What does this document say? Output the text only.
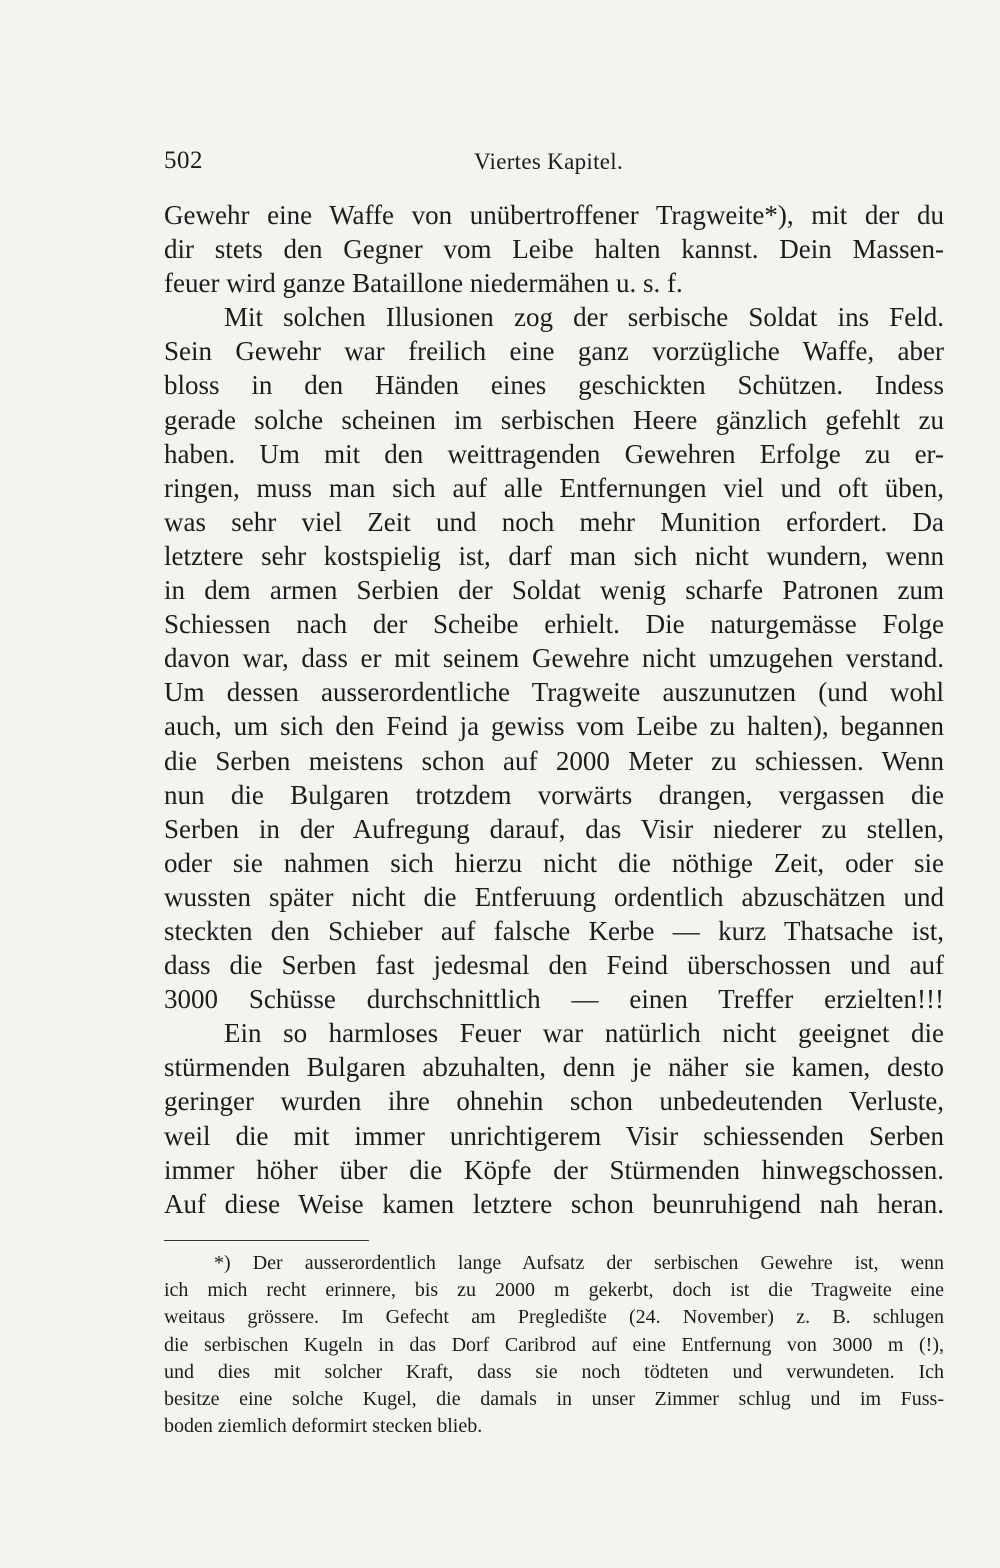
502	Viertes Kapitel.
Gewehr eine Waffe von unübertroffener Tragweite*), mit der du
dir stets den Gegner vom Leibe halten kannst. Dein Massen-
feuer wird ganze Bataillone niedermähen u. s. f.
Mit solchen Illusionen zog der serbische Soldat ins Feld.
Sein Gewehr war freilich eine ganz vorzügliche Waffe, aber
bloss in den Händen eines geschickten Schützen. Indess
gerade solche scheinen im serbischen Heere gänzlich gefehlt zu
haben. Um mit den weittragenden Gewehren Erfolge zu er-
ringen, muss man sich auf alle Entfernungen viel und oft üben,
was sehr viel Zeit und noch mehr Munition erfordert. Da
letztere sehr kostspielig ist, darf man sich nicht wundern, wenn
in dem armen Serbien der Soldat wenig scharfe Patronen zum
Schiessen nach der Scheibe erhielt. Die naturgemässe Folge
davon war, dass er mit seinem Gewehre nicht umzugehen verstand.
Um dessen ausserordentliche Tragweite auszunutzen (und wohl
auch, um sich den Feind ja gewiss vom Leibe zu halten), begannen
die Serben meistens schon auf 2000 Meter zu schiessen. Wenn
nun die Bulgaren trotzdem vorwärts drangen, vergassen die
Serben in der Aufregung darauf, das Visir niederer zu stellen,
oder sie nahmen sich hierzu nicht die nöthige Zeit, oder sie
wussten später nicht die Entferuung ordentlich abzuschätzen und
steckten den Schieber auf falsche Kerbe — kurz Thatsache ist,
dass die Serben fast jedesmal den Feind überschossen und auf
3000 Schüsse durchschnittlich — einen Treffer erzielten!!!
Ein so harmloses Feuer war natürlich nicht geeignet die
stürmenden Bulgaren abzuhalten, denn je näher sie kamen, desto
geringer wurden ihre ohnehin schon unbedeutenden Verluste,
weil die mit immer unrichtigerem Visir schiessenden Serben
immer höher über die Köpfe der Stürmenden hinwegschossen.
Auf diese Weise kamen letztere schon beunruhigend nah heran.
*) Der ausserordentlich lange Aufsatz der serbischen Gewehre ist, wenn
ich mich recht erinnere, bis zu 2000 m gekerbt, doch ist die Tragweite eine
weitaus grössere. Im Gefecht am Pregledište (24. November) z. B. schlugen
die serbischen Kugeln in das Dorf Caribrod auf eine Entfernung von 3000 m (!),
und dies mit solcher Kraft, dass sie noch tödteten und verwundeten. Ich
besitze eine solche Kugel, die damals in unser Zimmer schlug und im Fuss-
boden ziemlich deformirt stecken blieb.
